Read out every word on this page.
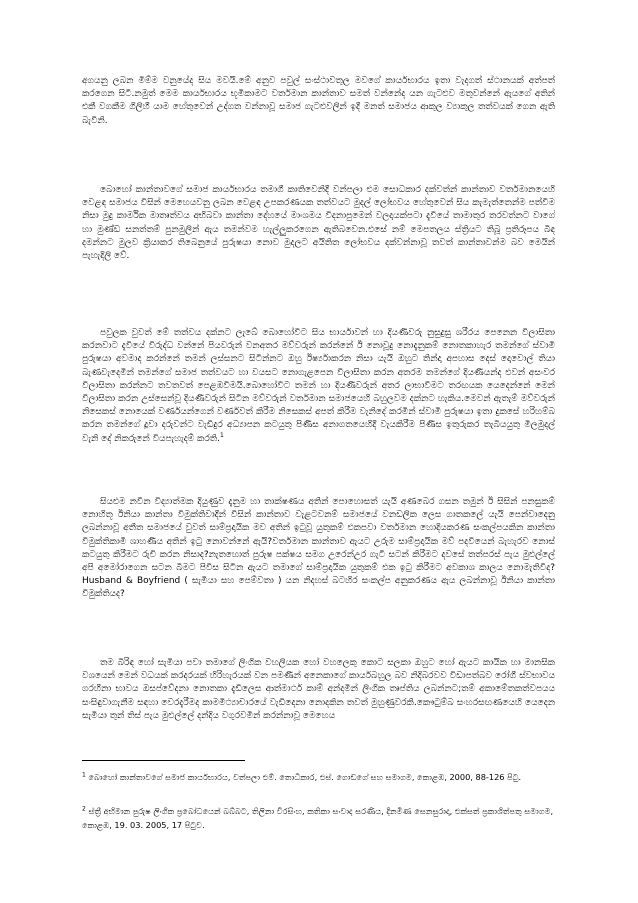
අගයනු ලබන මිම්ම වනුයේද සිය මවයි.මේ අනුව පවුල් සංස්ථාවතුල මවගේ කාර්යභාරය ඉතා වැදගත් ස්ථානයක් අත්පත් කරගෙන සිටී.නමුත් මෙම කාර්යභාරය භූමිකාමට වර්තමාන කාන්තාව සමත් වන්නේද යන ගැටළුව මතුවන්නේ ඇයගේ අතින් එකී වගකීම ගිලිහී යාම හේතුවෙන් උද්ගත වන්නාවූ සමාජ ගැටළුවලින් ඉදී මනත් සමාජය ආකුල ව්‍යාකුල තත්වයක් ගෙන ඇති බැවිනි.

බොහෝ කාන්තාවගේ සමාජ කාර්යභාරය තමාගී කාතිවෙනිදී වන්පලා එම සොධකාර දක්වත්න් කාන්තාව වර්තමානයෙහි වෙළඳ සමාජය විසින් මෙහෙයවනු ලබන වෙළඳ උපකරණයක තත්වයට මුදල් ලෝභවය හේතුවෙන් සිය කැමැත්තෙන්ම පත්වීම නිසා මුදු කාර්මික මාතෘත්වය අභිබවා කාන්තා දේහයේ මාංශමය විදනාපුමෙන් වලදායක්පටා දැවියේ තාමාතුර තරවත්නට වාගේ හා මුණ්ඩ සනත්තම් පුනමුලින් ඇය තමන්වම හැල්ලුකරගෙන ඇතිබවෙන.එසේ නම් මෙපතලය ස්ත්‍රියට තිබූ ප්‍රතිරූපය බිඳ දමන්නට මුලව ක්‍රියාකර තිබෙනුයේ පුරුෂයා නොව මුදලට අයිතිත ලෝභවය දක්වන්නාවූ තවත් කාන්තාවන්ම බව මෙයින් පැහැදිලි වේ.

පවුලක වුවත් මේ තත්වය දක්නට ලැබේ බොහෝවිට සිය භාර්යාවන් හා දියණිවරු නුසුදුසු ශරීරය පෙනෙන විලාසිතා කරනවාට දැවියේ විරුද්ධ වන්නේ පියවරුන් වනඅතර මව්වරුන් කරන්නේ ඊ නොවූදු නොදැනුකම් නොතකාහැර තමන්ගේ ස්වාමි පුරුෂයා අවමාද කරන්නේ තමන් ලස්සනට සිටින්නට ඔහු ඊර්ෂ්‍යාකරන නිසා යැයි ඔහුට තින්දා අපහාස දෙස් දොවොල් තියා බැණවැදෙමින් තමන්ගේ සමාජ තත්වයට හා වයසට නොගැළපෙන විලාසිතා කරන අතරම තමන්ගේ දියණියන්ද එවන් අසංවර විලාසිතා කරන්නට තවතවත් පෙළඹවිමයි.බොහෝවිට තමන් හා දියණිවරුන් අතර ලාභාවීමට තරඟයක යෙදෙන්නේ මෙන් විලාසිතා කරන උස්සෙන්වූ දියණිවරුන් සිටින මව්වරුන් වර්තමාන සමාජයෙහි බහුලවම දක්නට හැකිය.මෙවන් ඇතැම් මව්වරුන් නිසෙකස් නොයෙක් වර්ණයන්ගෙන් වර්ණවත් කිරීම නිසෙකස් අපත් කිරීම වැනිදේ කරමින් ස්වාමි පුරුෂයා ඉතා දුකසේ හරිහම්බ කරන තමන්ගේ දූවා දරුවන්ට වැඩිදුර අධ්‍යාපන කටයුතු පිණිස අනාගතයෙහිදී වැයකිරීම පිණිස ඉතුරුකර තැබියයුතු මිලමුදල් වැනි දේ නිකරුනේ වියපැහැදම් කරති.$^1$

සියළුම නවීන විද්‍යාත්මක දියුණුව දැනුම හා තාක්ෂණය අතින් පොහොසත් යැයි අණබෙර ගසන තමුන් ඊ සිසින් පනසුකම් නොහිතූ ඊනියා කාන්තා විමුක්තිවාදීන් විසින් කාන්තාව වැළටවනම් සමාජයේ වනඩලික ලෙස ගාතකලේ යැයි පෙන්වාදෙනු ලබන්නාවූ අතීත සමාජයේ වුවත් සාම්ප්‍රදායික මව අතින් ඉටුවූ යුතුකම් එකපවා වර්තමාන හොදියකරණ සංකල්පයකින කාන්තා විමුක්තිකාමී ශාහණිය අතින් ඉටු නොවන්නේ ඇයි?වර්තමාන කාන්තාව ඇයට උරුම සාම්ප්‍රදායික මව් පදවියෙන් බැහැරව නොස් කටයුතු කිරීමට රුචි කරන නිසාද?නැතහොත් පුරුෂ පක්ෂය සමග උරෙන්උර ගැටී සටන් කිරීමට දවසේ තත්පරස් පැය මුළුල්ලේ අපි අමෝරාගෙන සටන බිමට පිවිස සිටින ඇයට තමාගේ සාම්ප්‍රදායික යුතුකම් එක ඉටු කිරීමට අවකාශ කාලය නොමැතිවීද?Husband & Boyfriend ( සැමියා සහ පෙම්වතා ) යන නිදහස් බටහිර සංකල්ප අනුකරණය ඇය ලබන්නාවූ ඊනියා කාන්තා විමුක්තියද?

තම බිරිඳ හෝ සැමියා පවා තමාගේ ලිංගික වහලියක හෝ වහලෙකු කොට සලකා ඔහුට හෝ ඇයට කායික හා මානසික වශයෙන් මෙන් වධයක් කරදරයක් හිරිහැරයක් වන පමණින් අනෙකාගේ කාර්යබහුල බව නිදිබරවව විඩාපත්බව රෝගී ස්වභාවය ගරහීනා භාවය ඔසප්වේදනා නොතකා දැඩිලෙස ආත්මාර්ථ කාම් අන්දමින් ලිංගික තෘප්තිය ලබන්නට;තම් අකාමේතකත්වපයය සංසිඳුවාගැනීම සඳහා වෙරදැරීමද කාමමිථ්‍යාචාරයේ වැඩිදෙනා නොදකින තවත් මුහුණුවරකි.කෞටුම්බ සංහරසඟණයෙහි යෙදෙන සැමියා තුන් තිස් පැය මුළුල්ලේ දන්දිය වගුරවමින් කරන්නාවූ මෙහෙය

$^1$ බොහෝ කාන්තාවගේ සමාජ කාර්යභාරය, වත්පලා එම්. තොධිකාර, එස්. ගොඩගේ සහ සමාගම, කොළඹ, 2000, 88-126 පිටු.

$^2$ ස්ත්‍රී අභිමාන පුරුෂ ලිංගික ප්‍රබෝධයෙන් බබ්බට, තිලිනා වීරසිංහ, කතිකා සංවාද සරණිය, දිනමිණ සෙනසුරාදා, එක්සත් ප්‍රකාශිත්පතු සමාගම, කොළඹ, 19. 03. 2005, 17 පිටුව.
